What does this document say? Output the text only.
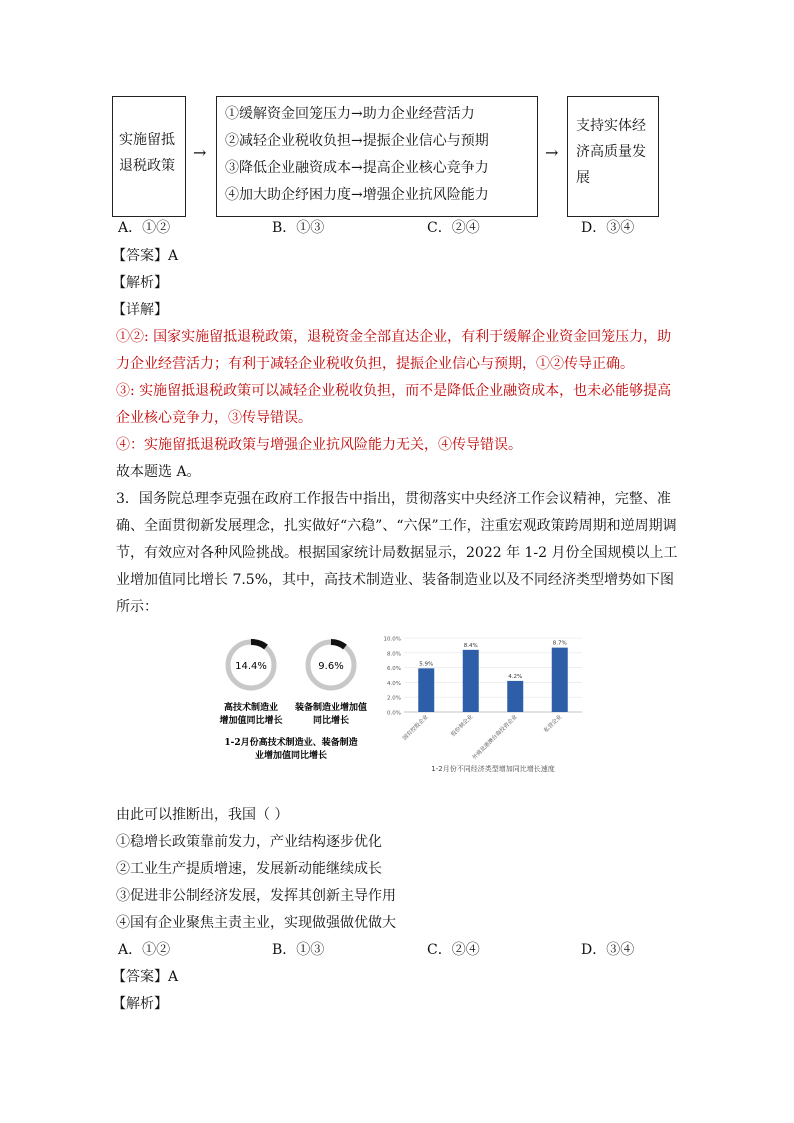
实施留抵
退税政策
→
①缓解资金回笼压力→助力企业经营活力
②减轻企业税收负担→提振企业信心与预期
③降低企业融资成本→提高企业核心竞争力
④加大助企纾困力度→增强企业抗风险能力
→
支持实体经
济高质量发
展
A．①②	B．①③	C．②④	D．③④
【答案】A
【解析】
【详解】
①②: 国家实施留抵退税政策，退税资金全部直达企业，有利于缓解企业资金回笼压力，助
力企业经营活力；有利于减轻企业税收负担，提振企业信心与预期，①②传导正确。
③: 实施留抵退税政策可以减轻企业税收负担，而不是降低企业融资成本，也未必能够提高
企业核心竞争力，③传导错误。
④：实施留抵退税政策与增强企业抗风险能力无关，④传导错误。
故本题选 A。
3．国务院总理李克强在政府工作报告中指出，贯彻落实中央经济工作会议精神，完整、准
确、全面贯彻新发展理念，扎实做好“六稳”、“六保”工作，注重宏观政策跨周期和逆周期调
节，有效应对各种风险挑战。根据国家统计局数据显示，2022 年 1-2 月份全国规模以上工
业增加值同比增长 7.5%，其中，高技术制造业、装备制造业以及不同经济类型增势如下图
所示：
14.4%	9.6%
高技术制造业
增加值同比增长
装备制造业增加值
同比增长
1-2月份高技术制造业、装备制造
业增加值同比增长
0.0%
2.0%
4.0%
6.0%
8.0%
10.0%
5.9%
国有控股企业
8.4%
股份制企业
4.2%
外商及港澳台商投资企业
8.7%
私营企业
1-2月份不同经济类型增加同比增长速度
由此可以推断出，我国（ ）
①稳增长政策靠前发力，产业结构逐步优化
②工业生产提质增速，发展新动能继续成长
③促进非公制经济发展，发挥其创新主导作用
④国有企业聚焦主责主业，实现做强做优做大
A．①②	B．①③	C．②④	D．③④
【答案】A
【解析】
